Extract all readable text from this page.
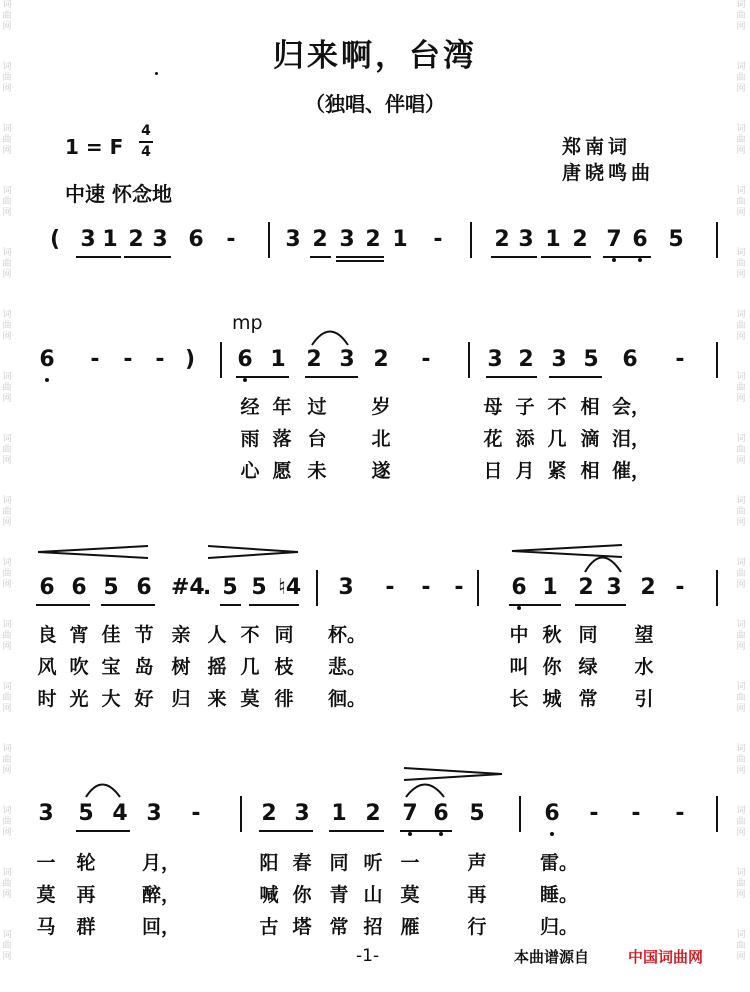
词
曲
网
词
曲
网
词
曲
网
词
曲
网
词
曲
网
词
曲
网
词
曲
网
词
曲
网
词
曲
网
词
曲
网
词
曲
网
词
曲
网
词
曲
网
词
曲
网
词
曲
网
词
曲
网
词
曲
网
词
曲
网
词
曲
网
词
曲
网
词
曲
网
词
曲
网
词
曲
网
词
曲
网
词
曲
网
词
曲
网
词
曲
网
词
曲
网
词
曲
网
词
曲
网
词
曲
网
词
曲
网
归来啊，台湾
（独唱、伴唱）
1 = F
4
4
中速 怀念地
郑南词
唐晓鸣曲
mp
( 3 1 2 3 6 - 3 2 3 2 1 - 2 3 1 2 7 6 5
6 - - - ) 6 1 2 3 2 -	3 2 3 5 6 -
经 年 过 岁	母 子 不 相 会，
雨 落 台 北	花 添 几 滴 泪，
心 愿 未 遂	日 月 紧 相 催，
6 6 5 6 #4
. 5 5 ♮4 3 - - - 6 1 2 3 2 -
良 宵 佳 节 亲 人 不 同 杯。	中 秋 同 望
风 吹 宝 岛 树 摇 几 枝 悲。	叫 你 绿 水
时 光 大 好 归 来 莫 徘 徊。	长 城 常 引
3 5 4 3 -	2 3 1 2 7 6 5	6 - - -
一 轮 月，	阳 春 同 听 一	声	雷。
莫 再 醉，	喊 你 青 山 莫	再	睡。
马 群 回，	古 塔 常 招 雁	行	归。
-1-	本曲谱源自	中国词曲网
